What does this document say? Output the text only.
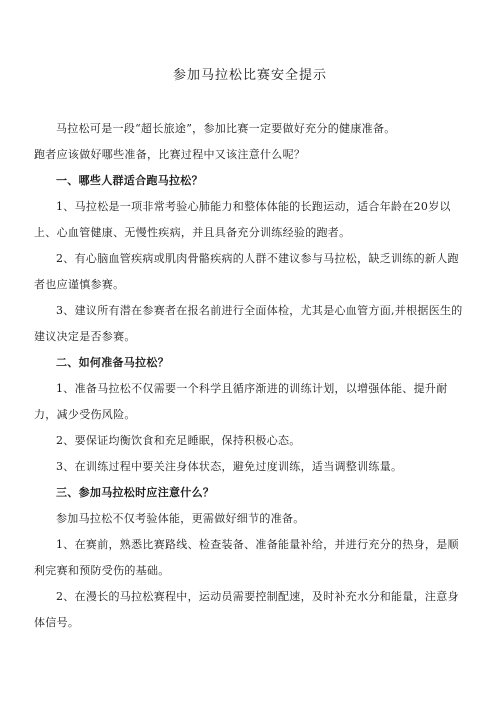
参加马拉松比赛安全提示

马拉松可是一段“超长旅途”，参加比赛一定要做好充分的健康准备。

跑者应该做好哪些准备，比赛过程中又该注意什么呢？

一、哪些人群适合跑马拉松？

1、马拉松是一项非常考验心肺能力和整体体能的长跑运动，适合年龄在20岁以上、心血管健康、无慢性疾病，并且具备充分训练经验的跑者。

2、有心脑血管疾病或肌肉骨骼疾病的人群不建议参与马拉松，缺乏训练的新人跑者也应谨慎参赛。

3、建议所有潜在参赛者在报名前进行全面体检，尤其是心血管方面,并根据医生的建议决定是否参赛。

二、如何准备马拉松？

1、准备马拉松不仅需要一个科学且循序渐进的训练计划，以增强体能、提升耐力，减少受伤风险。

2、要保证均衡饮食和充足睡眠，保持积极心态。

3、在训练过程中要关注身体状态，避免过度训练，适当调整训练量。

三、参加马拉松时应注意什么？

参加马拉松不仅考验体能，更需做好细节的准备。

1、在赛前，熟悉比赛路线、检查装备、准备能量补给，并进行充分的热身，是顺利完赛和预防受伤的基础。

2、在漫长的马拉松赛程中，运动员需要控制配速，及时补充水分和能量，注意身体信号。
